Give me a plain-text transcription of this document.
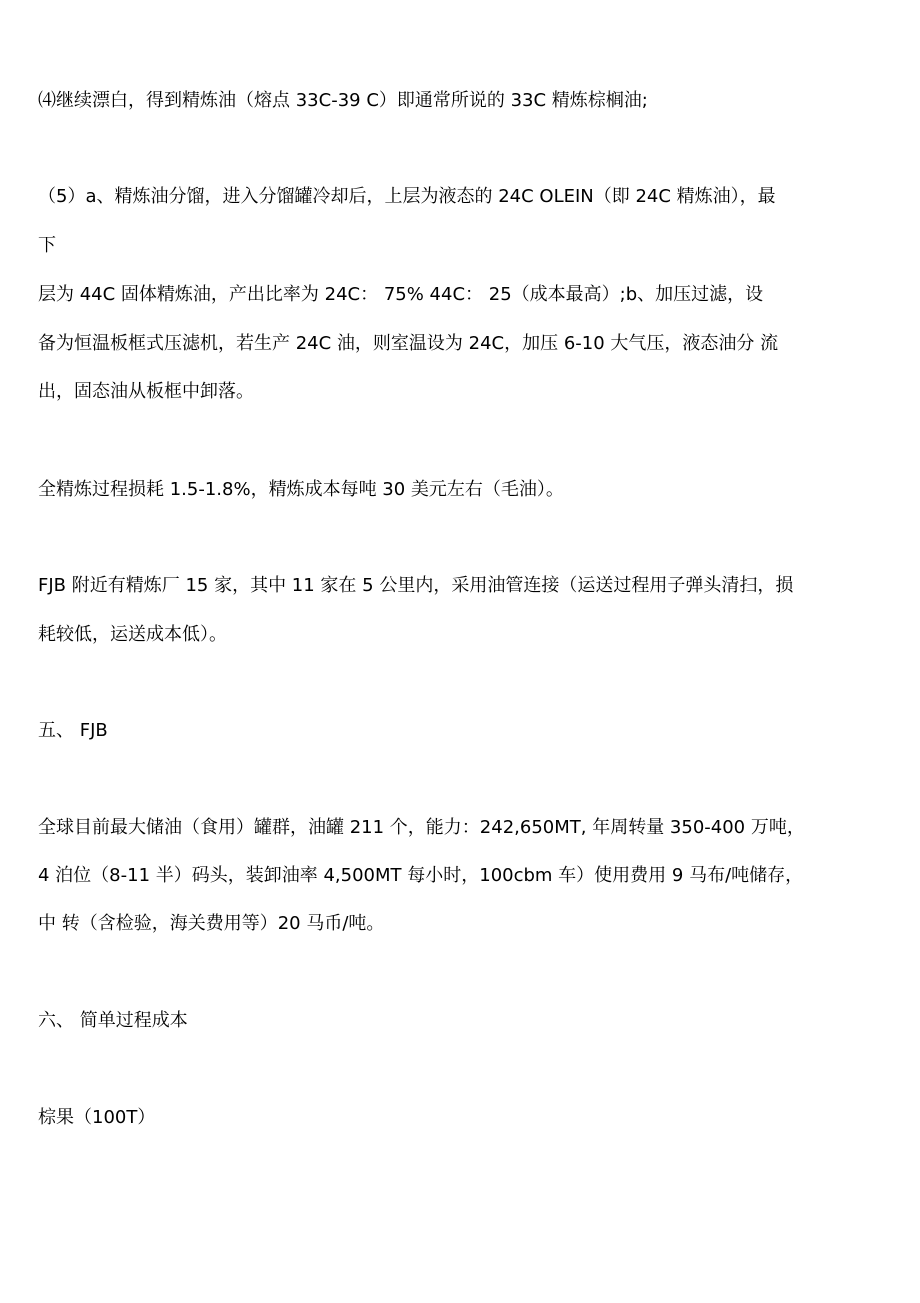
⑷继续漂白，得到精炼油（熔点 33C-39 C）即通常所说的 33C 精炼棕榈油;
（5）a、精炼油分馏，进入分馏罐冷却后，上层为液态的 24C OLEIN（即 24C 精炼油），最
下
层为 44C 固体精炼油，产出比率为 24C： 75% 44C： 25（成本最高）;b、加压过滤，设
备为恒温板框式压滤机，若生产 24C 油，则室温设为 24C，加压 6-10 大气压，液态油分 流
出，固态油从板框中卸落。
全精炼过程损耗 1.5-1.8%，精炼成本每吨 30 美元左右（毛油）。
FJB 附近有精炼厂 15 家，其中 11 家在 5 公里内，采用油管连接（运送过程用子弹头清扫，损
耗较低，运送成本低）。
五、 FJB
全球目前最大储油（食用）罐群，油罐 211 个，能力：242,650MT, 年周转量 350-400 万吨，
4 泊位（8-11 半）码头，装卸油率 4,500MT 每小时，100cbm 车）使用费用 9 马布/吨储存，
中 转（含检验，海关费用等）20 马币/吨。
六、 简单过程成本
棕果（100T）
